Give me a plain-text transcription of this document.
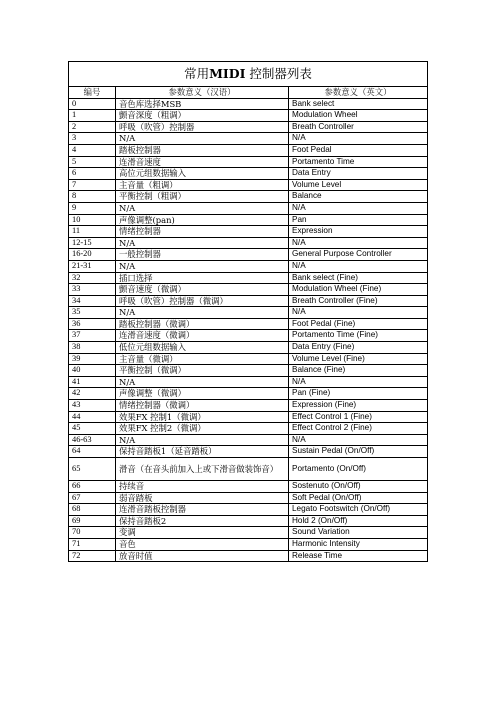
常用MIDI 控制器列表		
编号	参数意义（汉语）	参数意义（英文）
0	音色库选择MSB	Bank select
1	颤音深度（粗调）	Modulation Wheel
2	呼吸（吹管）控制器	Breath Controller
3	N/A	N/A
4	踏板控制器	Foot Pedal
5	连滑音速度	Portamento Time
6	高位元组数据输入	Data Entry
7	主音量（粗调）	Volume Level
8	平衡控制（粗调）	Balance
9	N/A	N/A
10	声像调整(pan)	Pan
11	情绪控制器	Expression
12-15	N/A	N/A
16-20	一般控制器	General Purpose Controller
21-31	N/A	N/A
32	插口选择	Bank select (Fine)
33	颤音速度（微调）	Modulation Wheel (Fine)
34	呼吸（吹管）控制器（微调）	Breath Controller (Fine)
35	N/A	N/A
36	踏板控制器（微调）	Foot Pedal (Fine)
37	连滑音速度（微调）	Portamento Time (Fine)
38	低位元组数据输入	Data Entry (Fine)
39	主音量（微调）	Volume Level (Fine)
40	平衡控制（微调）	Balance (Fine)
41	N/A	N/A
42	声像调整（微调）	Pan (Fine)
43	情绪控制器（微调）	Expression (Fine)
44	效果FX 控制1（微调）	Effect Control 1 (Fine)
45	效果FX 控制2（微调）	Effect Control 2 (Fine)
46-63	N/A	N/A
64	保持音踏板1（延音踏板）	Sustain Pedal (On/Off)
65	滑音（在音头前加入上或下滑音做装饰音）	Portamento (On/Off)
66	持续音	Sostenuto (On/Off)
67	弱音踏板	Soft Pedal (On/Off)
68	连滑音踏板控制器	Legato Footswitch (On/Off)
69	保持音踏板2	Hold 2 (On/Off)
70	变调	Sound Variation
71	音色	Harmonic Intensity
72	放音时值	Release Time
